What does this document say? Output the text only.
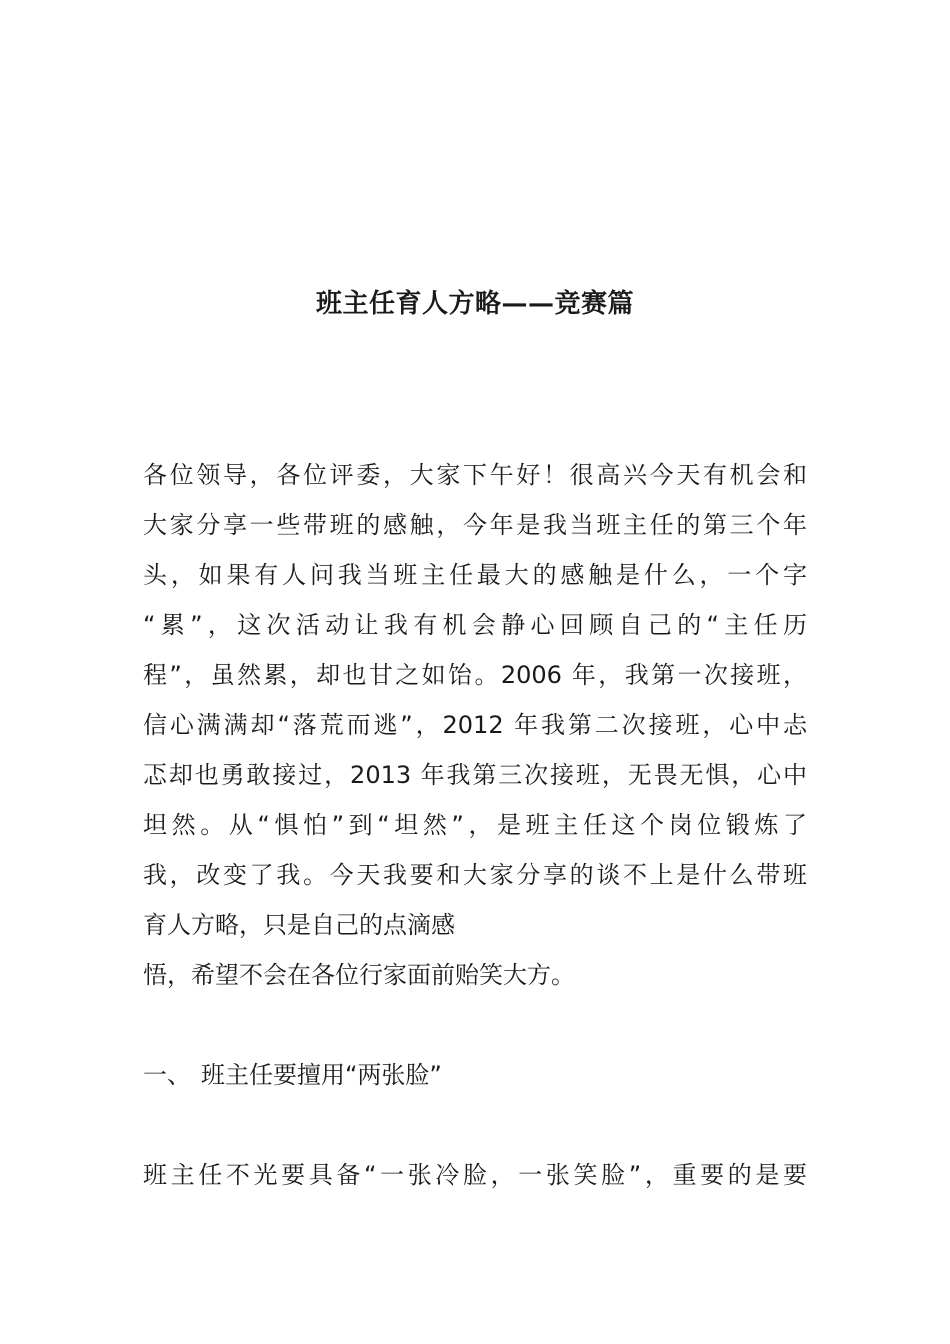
班主任育人方略——竞赛篇

各位领导，各位评委，大家下午好！很高兴今天有机会和

大家分享一些带班的感触，今年是我当班主任的第三个年

头，如果有人问我当班主任最大的感触是什么，一个字

“累”，这次活动让我有机会静心回顾自己的“主任历

程”，虽然累，却也甘之如饴。2006 年，我第一次接班，

信心满满却“落荒而逃”，2012 年我第二次接班，心中忐

忑却也勇敢接过，2013 年我第三次接班，无畏无惧，心中

坦然。从“惧怕”到“坦然”，是班主任这个岗位锻炼了

我，改变了我。今天我要和大家分享的谈不上是什么带班

育人方略，只是自己的点滴感

悟，希望不会在各位行家面前贻笑大方。

一、 班主任要擅用“两张脸”

班主任不光要具备“一张冷脸，一张笑脸”，重要的是要
